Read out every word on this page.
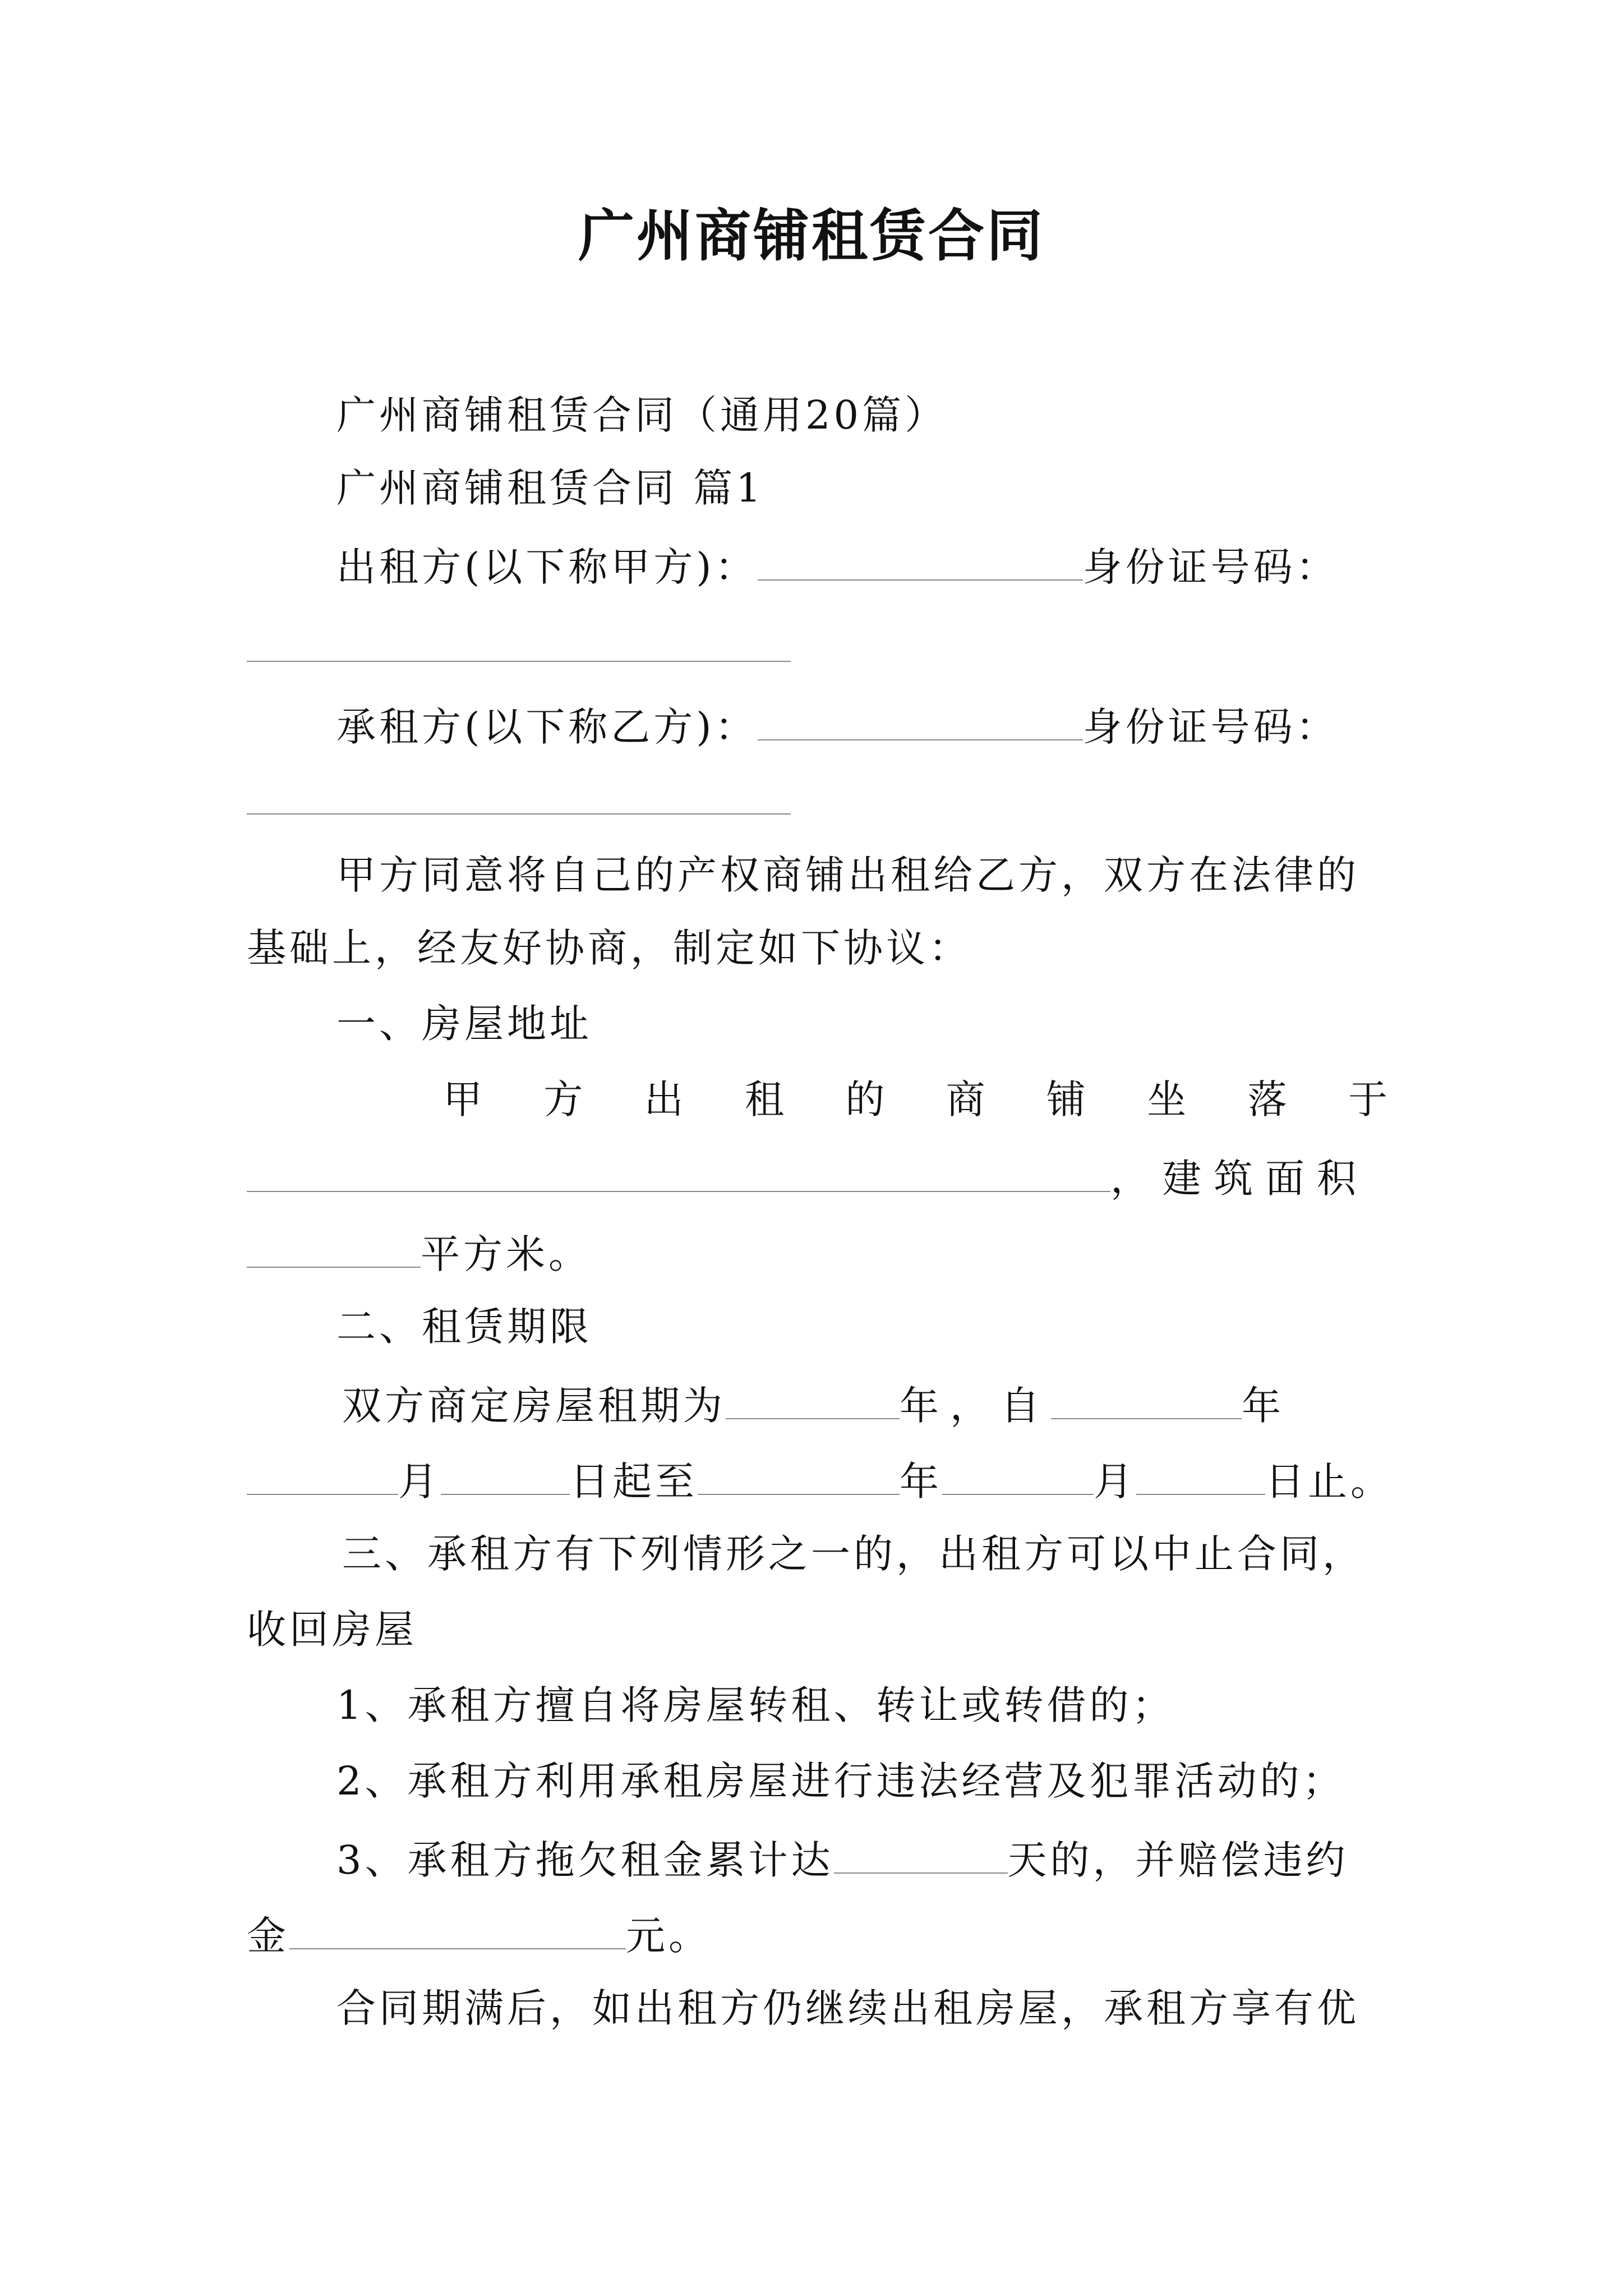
广州商铺租赁合同
广州商铺租赁合同（通用20篇）
广州商铺租赁合同 篇1
出租方(以下称甲方)：	身份证号码：
承租方(以下称乙方)：	身份证号码：
甲方同意将自己的产权商铺出租给乙方，双方在法律的
基础上，经友好协商，制定如下协议：
一、房屋地址
甲 方 出 租 的 商 铺 坐 落 于
，建筑面积
平方米。
二、租赁期限
双方商定房屋租期为	年，自	年
月	日起至	年	月	日止。
三、承租方有下列情形之一的，出租方可以中止合同，
收回房屋
1、承租方擅自将房屋转租、转让或转借的；
2、承租方利用承租房屋进行违法经营及犯罪活动的；
3、承租方拖欠租金累计达	天的，并赔偿违约
金	元。
合同期满后，如出租方仍继续出租房屋，承租方享有优
